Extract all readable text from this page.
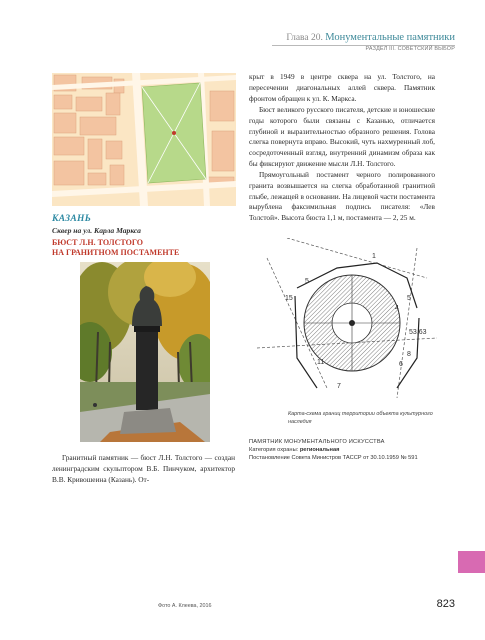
Глава 20. Монументальные памятники
РАЗДЕЛ III. СОВЕТСКИЙ ВЫБОР
КАЗАНЬ
Сквер на ул. Карла Маркса
БЮСТ Л.Н. ТОЛСТОГО
НА ГРАНИТНОМ ПОСТАМЕНТЕ

Гранитный памятник — бюст Л.Н. Толстого — создан ленинградским скульптором В.Б. Пинчуком, архитектор В.В. Кривошеина (Казань). От-

крыт в 1949 в центре сквера на ул. Толстого, на пересечении диагональных аллей сквера. Памятник фронтом обращен к ул. К. Маркса.

Бюст великого русского писателя, детские и юношеские годы которого были связаны с Казанью, отличается глубиной и выразительностью образного решения. Голова слегка повернута вправо. Высокий, чуть нахмуренный лоб, сосредоточенный взгляд, внутренний динамизм образа как бы фиксируют движение мысли Л.Н. Толстого.

Прямоугольный постамент черного полированного гранита возвышается на слегка обработанной гранитной глыбе, лежащей в основании. На лицевой части постамента вырублена факсимильная подпись писателя: «Лев Толстой». Высота бюста 1,1 м, постамента — 2, 25 м.

15	5
4
8
6
11
53,63
5
1
7
Карта-схема границ территории объекта культурного наследия
ПАМЯТНИК МОНУМЕНТАЛЬНОГО ИСКУССТВА
Категория охраны: региональная
Постановление Совета Министров ТАССР от 30.10.1959 № 591
Фото А. Клеева, 2016	823
